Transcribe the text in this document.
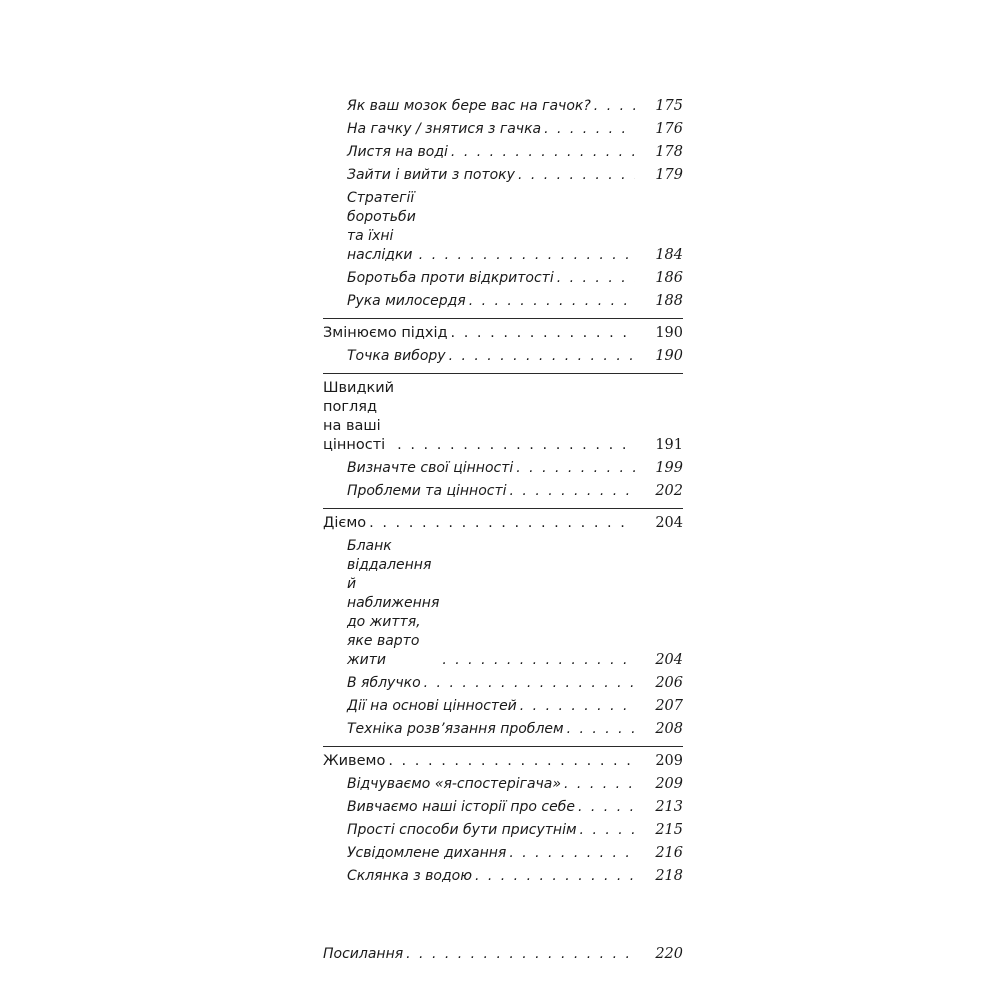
Як ваш мозок бере вас на гачок? . . .	175
На гачку / знятися з гачка . . .	176
Листя на воді . . .	178
Зайти і вийти з потоку . . .	179
Стратегії боротьби
та їхні наслідки . . .	184
Боротьба проти відкритості . . .	186
Рука милосердя . . .	188
Змінюємо підхід . . .	190
Точка вибору . . .	190
Швидкий погляд
на ваші цінності . . .	191
Визначте свої цінності . . .	199
Проблеми та цінності . . .	202
Діємо . . .	204
Бланк віддалення й наближення
до життя, яке варто жити . . .	204
В яблучко . . .	206
Дії на основі цінностей . . .	207
Техніка розв’язання проблем . . .	208
Живемо . . .	209
Відчуваємо «я-спостерігача» . . .	209
Вивчаємо наші історії про себе . . .	213
Прості способи бути присутнім . . .	215
Усвідомлене дихання . . .	216
Склянка з водою . . .	218
Посилання . . .	220
